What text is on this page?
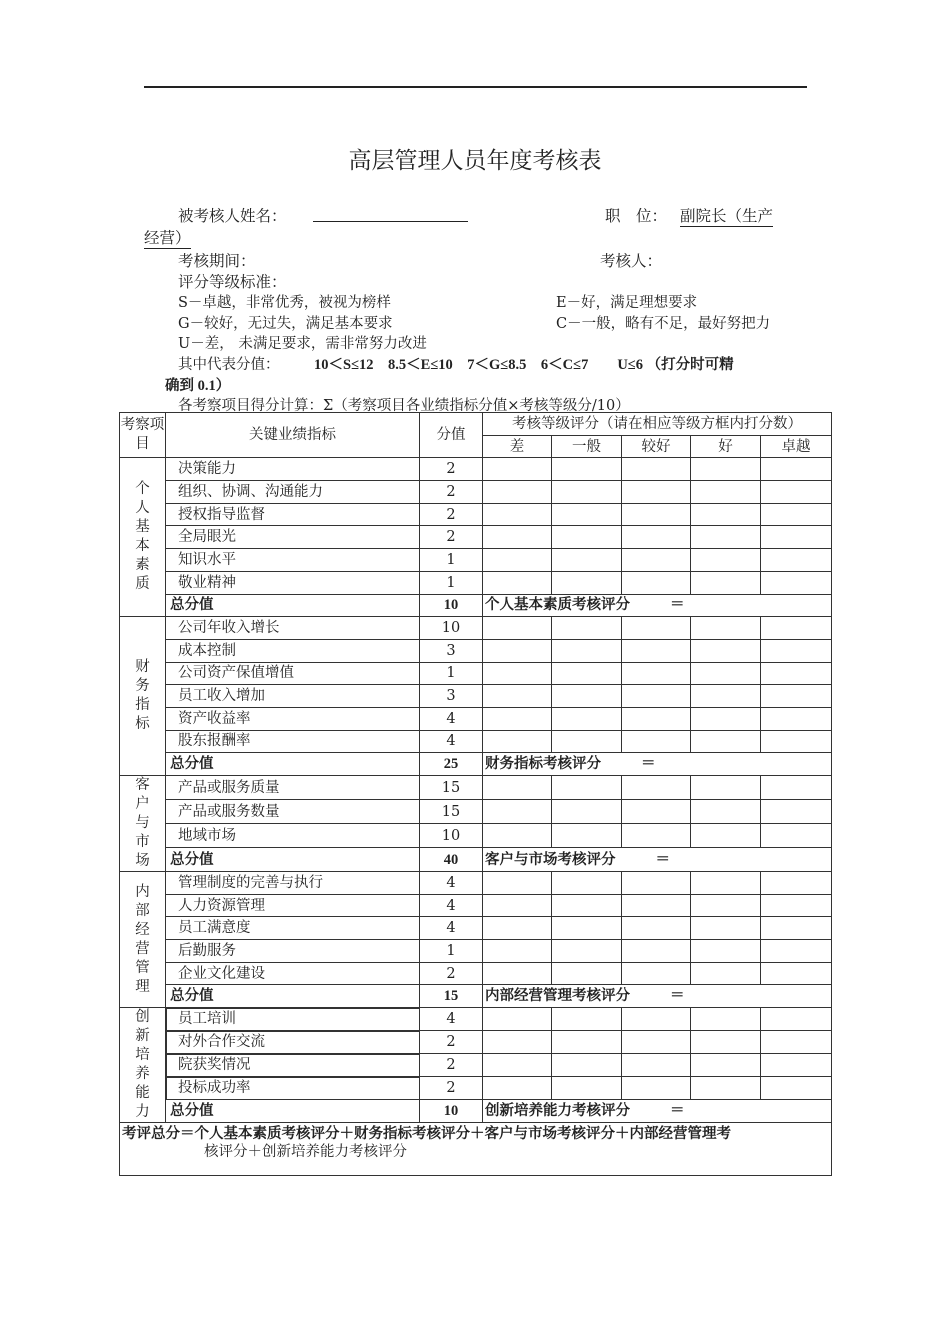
高层管理人员年度考核表
被考核人姓名：	职　位： 副院长（生产
经营）
考核期间：	考核人：
评分等级标准：
S－卓越，非常优秀，被视为榜样	E－好，满足理想要求
G－较好，无过失，满足基本要求	C－一般，略有不足，最好努把力
U－差， 未满足要求，需非常努力改进
其中代表分值： 10＜S≤12　8.5＜E≤10　7＜G≤8.5　6＜C≤7　　U≤6 （打分时可精
确到 0.1）
各考察项目得分计算：Σ（考察项目各业绩指标分值×考核等级分/10）
考察项目	关键业绩指标	分值	考核等级评分（请在相应等级方框内打分数）				
			差	一般	较好	好	卓越
个人基本素质	决策能力	2					
	组织、协调、沟通能力	2					
	授权指导监督	2					
	全局眼光	2					
	知识水平	1					
	敬业精神	1					
	总分值	10	个人基本素质考核评分 ＝				
财务指标	公司年收入增长	10					
	成本控制	3					
	公司资产保值增值	1					
	员工收入增加	3					
	资产收益率	4					
	股东报酬率	4					
	总分值	25	财务指标考核评分 ＝				
客户与市场	产品或服务质量	15					
	产品或服务数量	15					
	地域市场	10					
	总分值	40	客户与市场考核评分 ＝				
内部经营管理	管理制度的完善与执行	4					
	人力资源管理	4					
	员工满意度	4					
	后勤服务	1					
	企业文化建设	2					
	总分值	15	内部经营管理考核评分 ＝				
创新培养能力	员工培训	4					
	对外合作交流	2					
	院获奖情况	2					
	投标成功率	2					
	总分值	10	创新培养能力考核评分 ＝				

考评总分＝个人基本素质考核评分＋财务指标考核评分＋客户与市场考核评分＋内部经营管理考
核评分＋创新培养能力考核评分							
